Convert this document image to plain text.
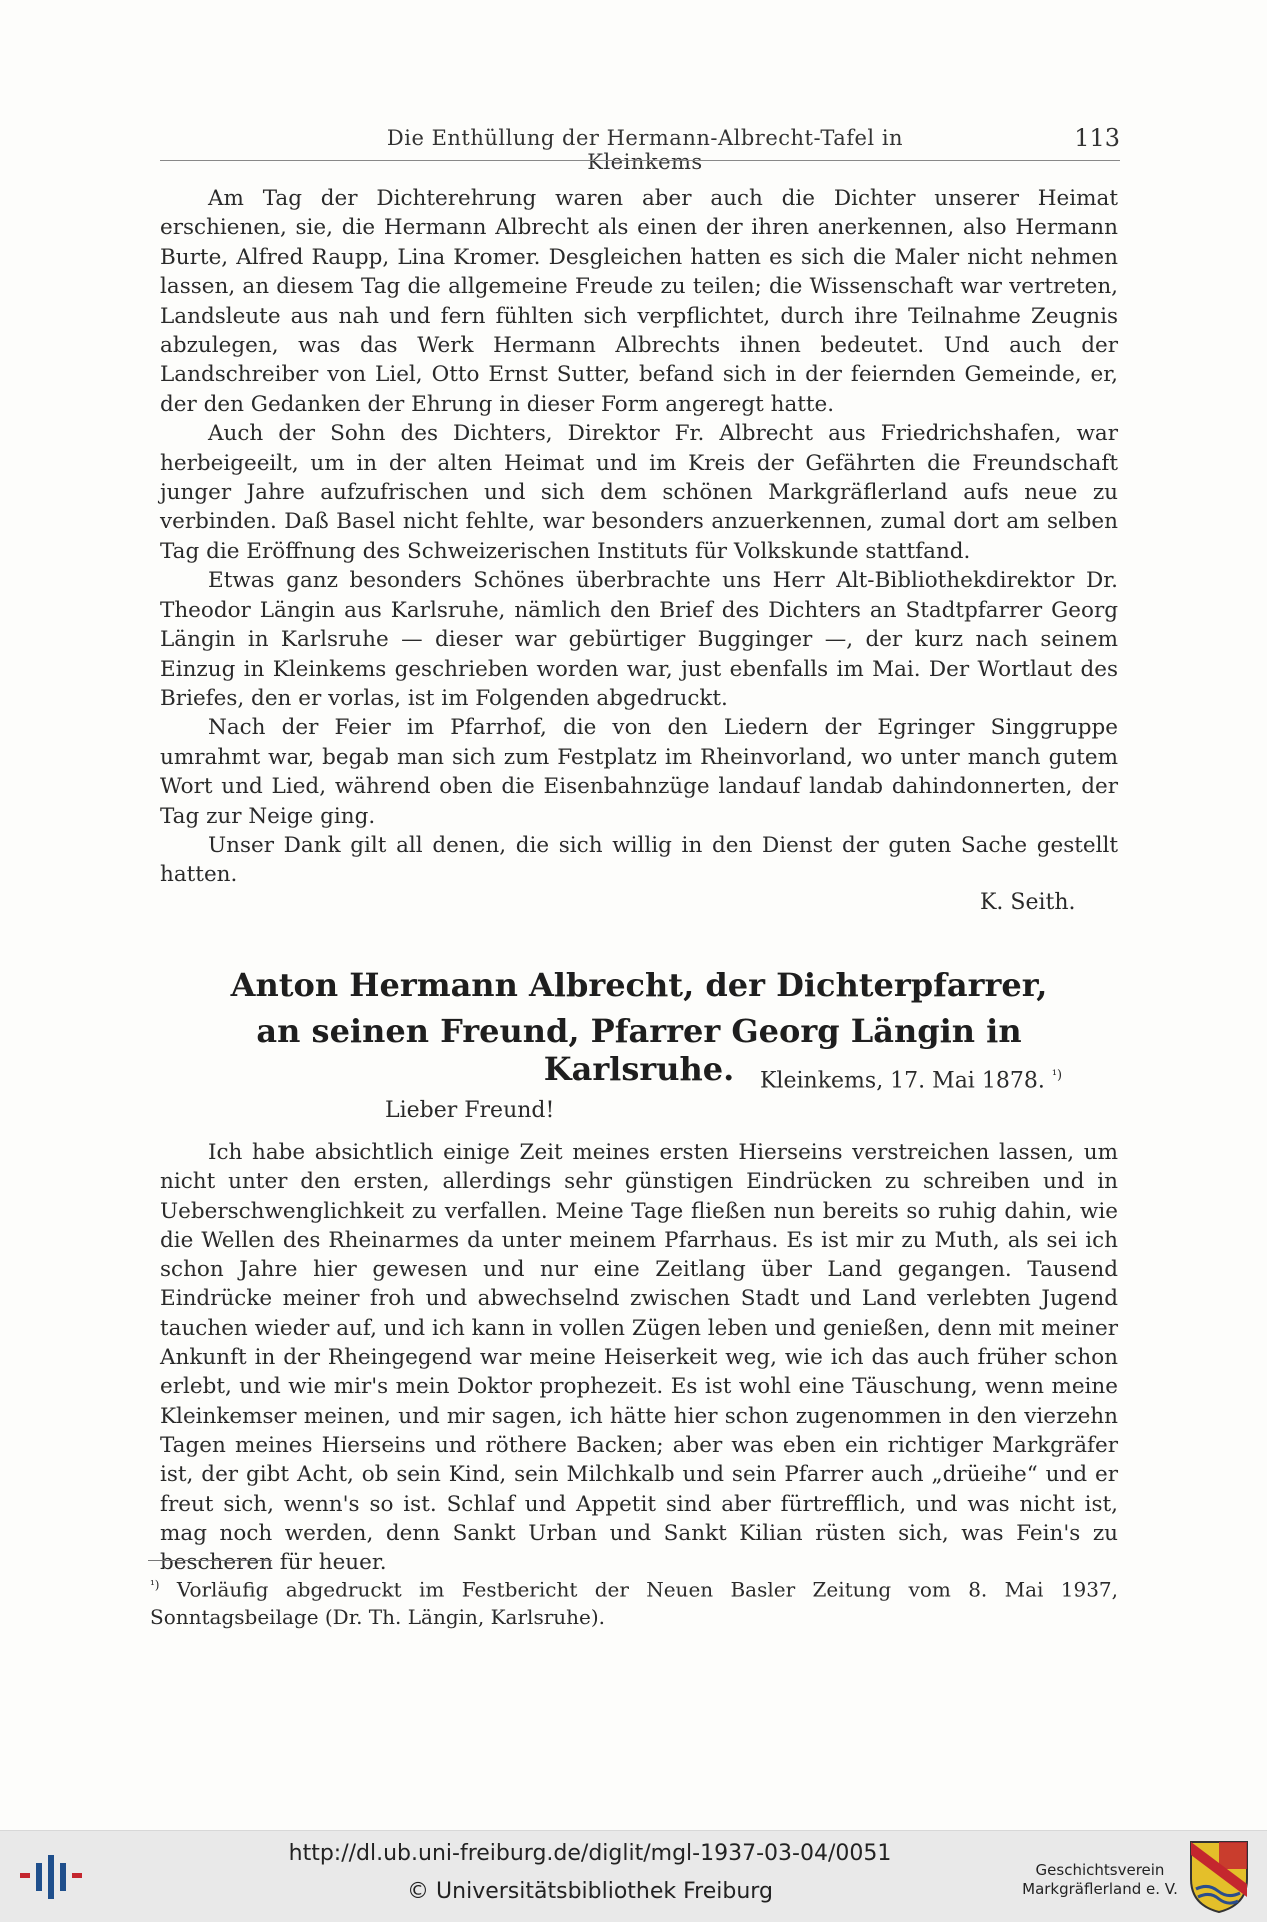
Die Enthüllung der Hermann-Albrecht-Tafel in Kleinkems
113

Am Tag der Dichterehrung waren aber auch die Dichter unserer Heimat erschienen, sie, die Hermann Albrecht als einen der ihren anerkennen, also Hermann Burte, Alfred Raupp, Lina Kromer. Desgleichen hatten es sich die Maler nicht nehmen lassen, an diesem Tag die allgemeine Freude zu teilen; die Wissenschaft war vertreten, Landsleute aus nah und fern fühlten sich verpflichtet, durch ihre Teilnahme Zeugnis abzulegen, was das Werk Hermann Albrechts ihnen bedeutet. Und auch der Landschreiber von Liel, Otto Ernst Sutter, befand sich in der feiernden Gemeinde, er, der den Gedanken der Ehrung in dieser Form angeregt hatte.

Auch der Sohn des Dichters, Direktor Fr. Albrecht aus Friedrichshafen, war herbeigeeilt, um in der alten Heimat und im Kreis der Gefährten die Freundschaft junger Jahre aufzufrischen und sich dem schönen Markgräflerland aufs neue zu verbinden. Daß Basel nicht fehlte, war besonders anzuerkennen, zumal dort am selben Tag die Eröffnung des Schweizerischen Instituts für Volkskunde stattfand.

Etwas ganz besonders Schönes überbrachte uns Herr Alt-Bibliothekdirektor Dr. Theodor Längin aus Karlsruhe, nämlich den Brief des Dichters an Stadtpfarrer Georg Längin in Karlsruhe — dieser war gebürtiger Bugginger —, der kurz nach seinem Einzug in Kleinkems geschrieben worden war, just ebenfalls im Mai. Der Wortlaut des Briefes, den er vorlas, ist im Folgenden abgedruckt.

Nach der Feier im Pfarrhof, die von den Liedern der Egringer Singgruppe umrahmt war, begab man sich zum Festplatz im Rheinvorland, wo unter manch gutem Wort und Lied, während oben die Eisenbahnzüge landauf landab dahindonnerten, der Tag zur Neige ging.

Unser Dank gilt all denen, die sich willig in den Dienst der guten Sache gestellt hatten.

K. Seith.
Anton Hermann Albrecht, der Dichterpfarrer,
an seinen Freund, Pfarrer Georg Längin in Karlsruhe.	Kleinkems, 17. Mai 1878. $^{^1)}$
Lieber Freund!

Ich habe absichtlich einige Zeit meines ersten Hierseins verstreichen lassen, um nicht unter den ersten, allerdings sehr günstigen Eindrücken zu schreiben und in Ueberschwenglichkeit zu verfallen. Meine Tage fließen nun bereits so ruhig dahin, wie die Wellen des Rheinarmes da unter meinem Pfarrhaus. Es ist mir zu Muth, als sei ich schon Jahre hier gewesen und nur eine Zeitlang über Land gegangen. Tausend Eindrücke meiner froh und abwechselnd zwischen Stadt und Land verlebten Jugend tauchen wieder auf, und ich kann in vollen Zügen leben und genießen, denn mit meiner Ankunft in der Rheingegend war meine Heiserkeit weg, wie ich das auch früher schon erlebt, und wie mir's mein Doktor prophezeit. Es ist wohl eine Täuschung, wenn meine Kleinkemser meinen, und mir sagen, ich hätte hier schon zugenommen in den vierzehn Tagen meines Hierseins und röthere Backen; aber was eben ein richtiger Markgräfer ist, der gibt Acht, ob sein Kind, sein Milchkalb und sein Pfarrer auch „drüeihe“ und er freut sich, wenn's so ist. Schlaf und Appetit sind aber fürtrefflich, und was nicht ist, mag noch werden, denn Sankt Urban und Sankt Kilian rüsten sich, was Fein's zu bescheren für heuer.

$^{^1)}$ Vorläufig abgedruckt im Festbericht der Neuen Basler Zeitung vom 8. Mai 1937, Sonntagsbeilage (Dr. Th. Längin, Karlsruhe).
http://dl.ub.uni-freiburg.de/diglit/mgl-1937-03-04/0051
© Universitätsbibliothek Freiburg
Geschichtsverein
Markgräflerland e. V.
